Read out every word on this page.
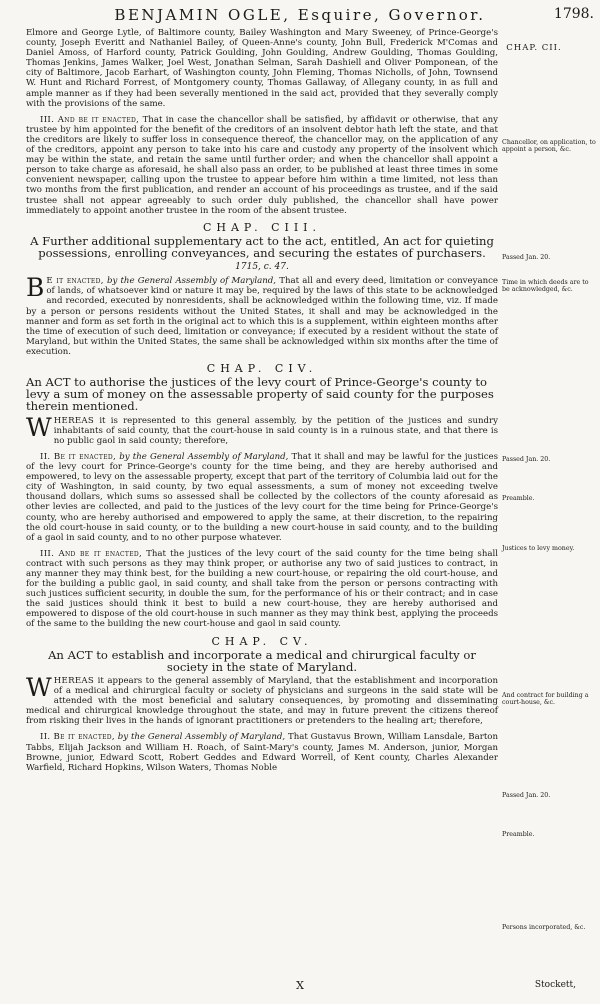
BENJAMIN OGLE, Esquire, Governor.	1798.
CHAP. CII.
Chancellor, on application, to appoint a person, &c.
Passed Jan. 20.
Time in which deeds are to be acknowledged, &c.
Passed Jan. 20.
Preamble.
Justices to levy money.
And contract for building a court-house, &c.
Passed Jan. 20.
Preamble.
Persons incorporated, &c.

Elmore and George Lytle, of Baltimore county, Bailey Washington and Mary Sweeney, of Prince-George's county, Joseph Everitt and Nathaniel Bailey, of Queen-Anne's county, John Bull, Frederick M'Comas and Daniel Amoss, of Harford county, Patrick Goulding, John Goulding, Andrew Goulding, Thomas Goulding, Thomas Jenkins, James Walker, Joel West, Jonathan Selman, Sarah Dashiell and Oliver Pomponean, of the city of Baltimore, Jacob Earhart, of Washington county, John Fleming, Thomas Nicholls, of John, Townsend W. Hunt and Richard Forrest, of Montgomery county, Thomas Gallaway, of Allegany county, in as full and ample manner as if they had been severally mentioned in the said act, provided that they severally comply with the provisions of the same.

III. And be it enacted, That in case the chancellor shall be satisfied, by affidavit or otherwise, that any trustee by him appointed for the benefit of the creditors of an insolvent debtor hath left the state, and that the creditors are likely to suffer loss in consequence thereof, the chancellor may, on the application of any of the creditors, appoint any person to take into his care and custody any property of the insolvent which may be within the state, and retain the same until further order; and when the chancellor shall appoint a person to take charge as aforesaid, he shall also pass an order, to be published at least three times in some convenient newspaper, calling upon the trustee to appear before him within a time limited, not less than two months from the first publication, and render an account of his proceedings as trustee, and if the said trustee shall not appear agreeably to such order duly published, the chancellor shall have power immediately to appoint another trustee in the room of the absent trustee.

CHAP. CIII.
A Further additional supplementary act to the act, entitled, An act for quieting possessions, enrolling conveyances, and securing the estates of purchasers. 1715, c. 47.

B E it enacted, by the General Assembly of Maryland, That all and every deed, limitation or conveyance of lands, of whatsoever kind or nature it may be, required by the laws of this state to be acknowledged and recorded, executed by nonresidents, shall be acknowledged within the following time, viz. If made by a person or persons residents without the United States, it shall and may be acknowledged in the manner and form as set forth in the original act to which this is a supplement, within eighteen months after the time of execution of such deed, limitation or conveyance; if executed by a resident without the state of Maryland, but within the United States, the same shall be acknowledged within six months after the time of execution.

CHAP. CIV.
An ACT to authorise the justices of the levy court of Prince-George's county to levy a sum of money on the assessable property of said county for the purposes therein mentioned.

WHEREAS it is represented to this general assembly, by the petition of the justices and sundry inhabitants of said county, that the court-house in said county is in a ruinous state, and that there is no public gaol in said county; therefore,

II. Be it enacted, by the General Assembly of Maryland, That it shall and may be lawful for the justices of the levy court for Prince-George's county for the time being, and they are hereby authorised and empowered, to levy on the assessable property, except that part of the territory of Columbia laid out for the city of Washington, in said county, by two equal assessments, a sum of money not exceeding twelve thousand dollars, which sums so assessed shall be collected by the collectors of the county aforesaid as other levies are collected, and paid to the justices of the levy court for the time being for Prince-George's county, who are hereby authorised and empowered to apply the same, at their discretion, to the repairing the old court-house in said county, or to the building a new court-house in said county, and to the building of a gaol in said county, and to no other purpose whatever.

III. And be it enacted, That the justices of the levy court of the said county for the time being shall contract with such persons as they may think proper, or authorise any two of said justices to contract, in any manner they may think best, for the building a new court-house, or repairing the old court-house, and for the building a public gaol, in said county, and shall take from the person or persons contracting with such justices sufficient security, in double the sum, for the performance of his or their contract; and in case the said justices should think it best to build a new court-house, they are hereby authorised and empowered to dispose of the old court-house in such manner as they may think best, applying the proceeds of the same to the building the new court-house and gaol in said county.

CHAP. CV.
An ACT to establish and incorporate a medical and chirurgical faculty or society in the state of Maryland.

WHEREAS it appears to the general assembly of Maryland, that the establishment and incorporation of a medical and chirurgical faculty or society of physicians and surgeons in the said state will be attended with the most beneficial and salutary consequences, by promoting and disseminating medical and chirurgical knowledge throughout the state, and may in future prevent the citizens thereof from risking their lives in the hands of ignorant practitioners or pretenders to the healing art; therefore,

II. Be it enacted, by the General Assembly of Maryland, That Gustavus Brown, William Lansdale, Barton Tabbs, Elijah Jackson and William H. Roach, of Saint-Mary's county, James M. Anderson, junior, Morgan Browne, junior, Edward Scott, Robert Geddes and Edward Worrell, of Kent county, Charles Alexander Warfield, Richard Hopkins, Wilson Waters, Thomas Noble

X	Stockett,
